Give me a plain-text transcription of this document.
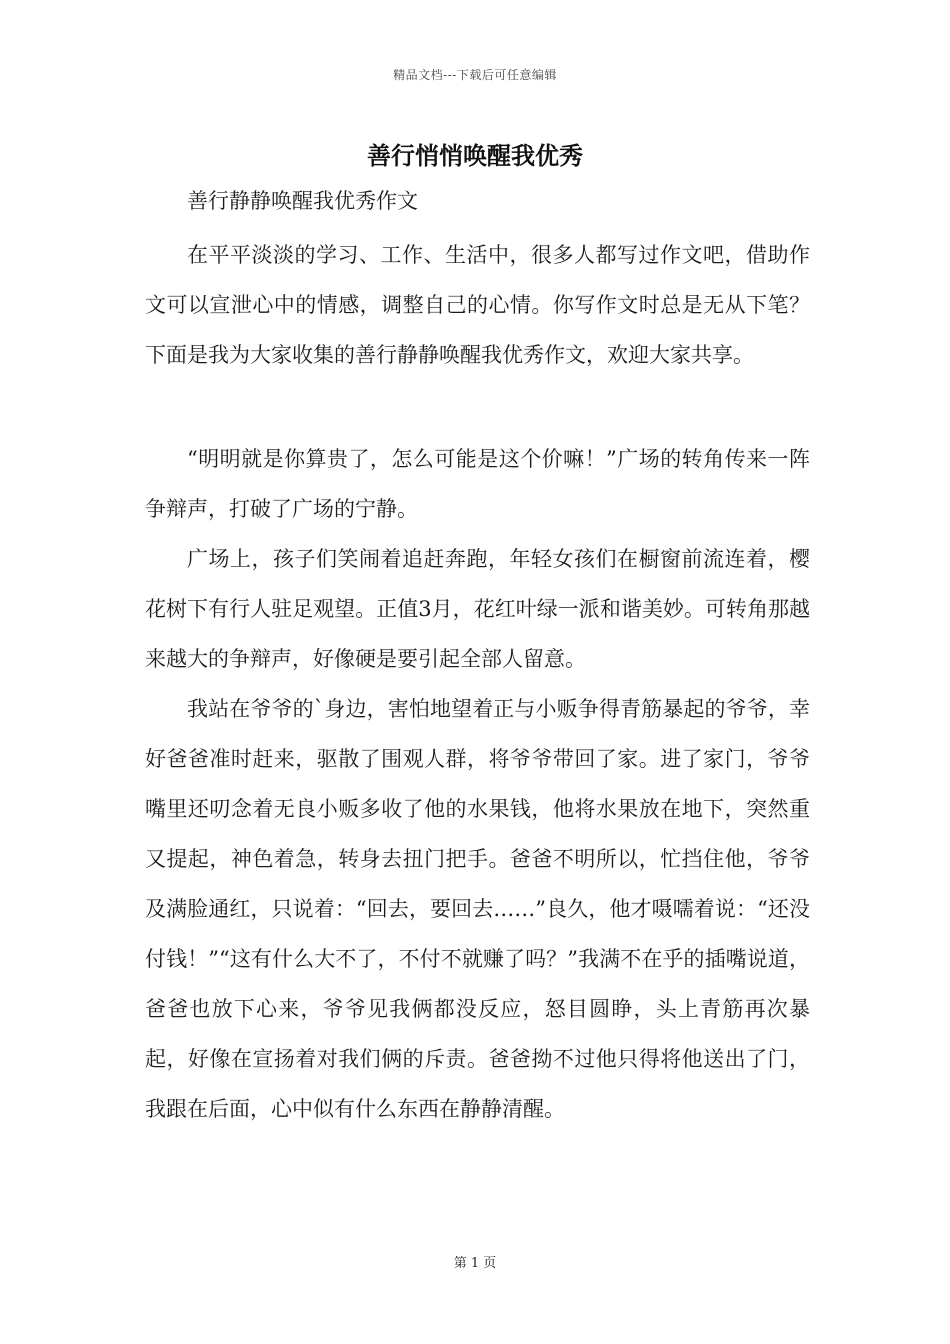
精品文档---下载后可任意编辑
善行悄悄唤醒我优秀

善行静静唤醒我优秀作文

在平平淡淡的学习、工作、生活中，很多人都写过作文吧，借助作文可以宣泄心中的情感，调整自己的心情。你写作文时总是无从下笔？下面是我为大家收集的善行静静唤醒我优秀作文，欢迎大家共享。

“明明就是你算贵了，怎么可能是这个价嘛！”广场的转角传来一阵争辩声，打破了广场的宁静。

广场上，孩子们笑闹着追赶奔跑，年轻女孩们在橱窗前流连着，樱花树下有行人驻足观望。正值3月，花红叶绿一派和谐美妙。可转角那越来越大的争辩声，好像硬是要引起全部人留意。

我站在爷爷的`身边，害怕地望着正与小贩争得青筋暴起的爷爷，幸好爸爸准时赶来，驱散了围观人群，将爷爷带回了家。进了家门，爷爷嘴里还叨念着无良小贩多收了他的水果钱，他将水果放在地下，突然重又提起，神色着急，转身去扭门把手。爸爸不明所以，忙挡住他，爷爷及满脸通红，只说着：“回去，要回去……”良久，他才嗫嚅着说：“还没付钱！”“这有什么大不了，不付不就赚了吗？”我满不在乎的插嘴说道，爸爸也放下心来，爷爷见我俩都没反应，怒目圆睁，头上青筋再次暴起，好像在宣扬着对我们俩的斥责。爸爸拗不过他只得将他送出了门，我跟在后面，心中似有什么东西在静静清醒。

第 1 页
